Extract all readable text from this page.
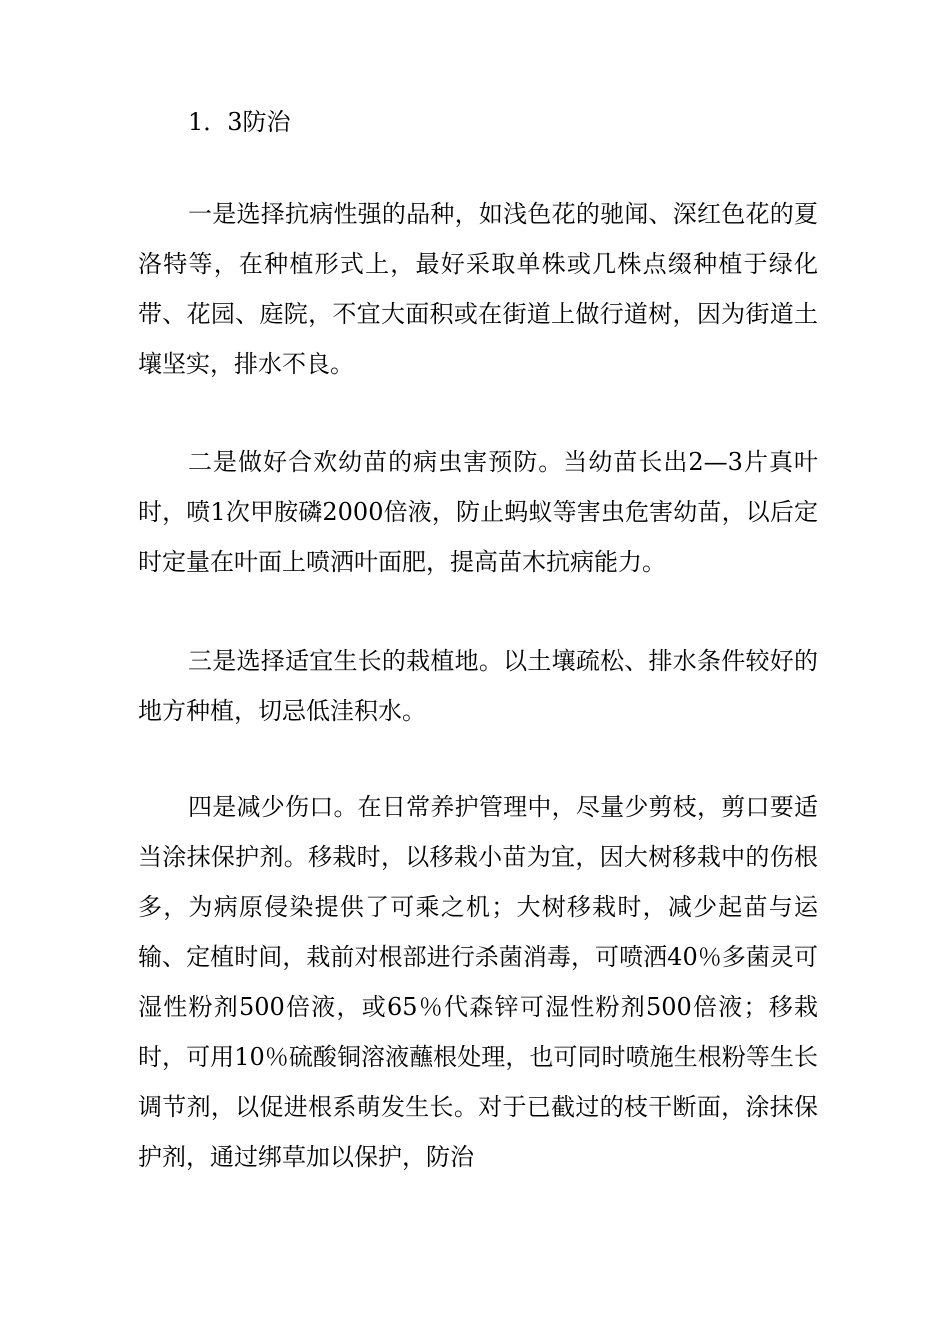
1．3防治

一是选择抗病性强的品种，如浅色花的驰闻、深红色花的夏洛特等，在种植形式上，最好采取单株或几株点缀种植于绿化带、花园、庭院，不宜大面积或在街道上做行道树，因为街道土壤坚实，排水不良。

二是做好合欢幼苗的病虫害预防。当幼苗长出2—3片真叶时，喷1次甲胺磷2000倍液，防止蚂蚁等害虫危害幼苗，以后定时定量在叶面上喷洒叶面肥，提高苗木抗病能力。

三是选择适宜生长的栽植地。以土壤疏松、排水条件较好的地方种植，切忌低洼积水。

四是减少伤口。在日常养护管理中，尽量少剪枝，剪口要适当涂抹保护剂。移栽时，以移栽小苗为宜，因大树移栽中的伤根多，为病原侵染提供了可乘之机；大树移栽时，减少起苗与运输、定植时间，栽前对根部进行杀菌消毒，可喷洒40％多菌灵可湿性粉剂500倍液，或65％代森锌可湿性粉剂500倍液；移栽时，可用10％硫酸铜溶液蘸根处理，也可同时喷施生根粉等生长调节剂，以促进根系萌发生长。对于已截过的枝干断面，涂抹保护剂，通过绑草加以保护，防治
